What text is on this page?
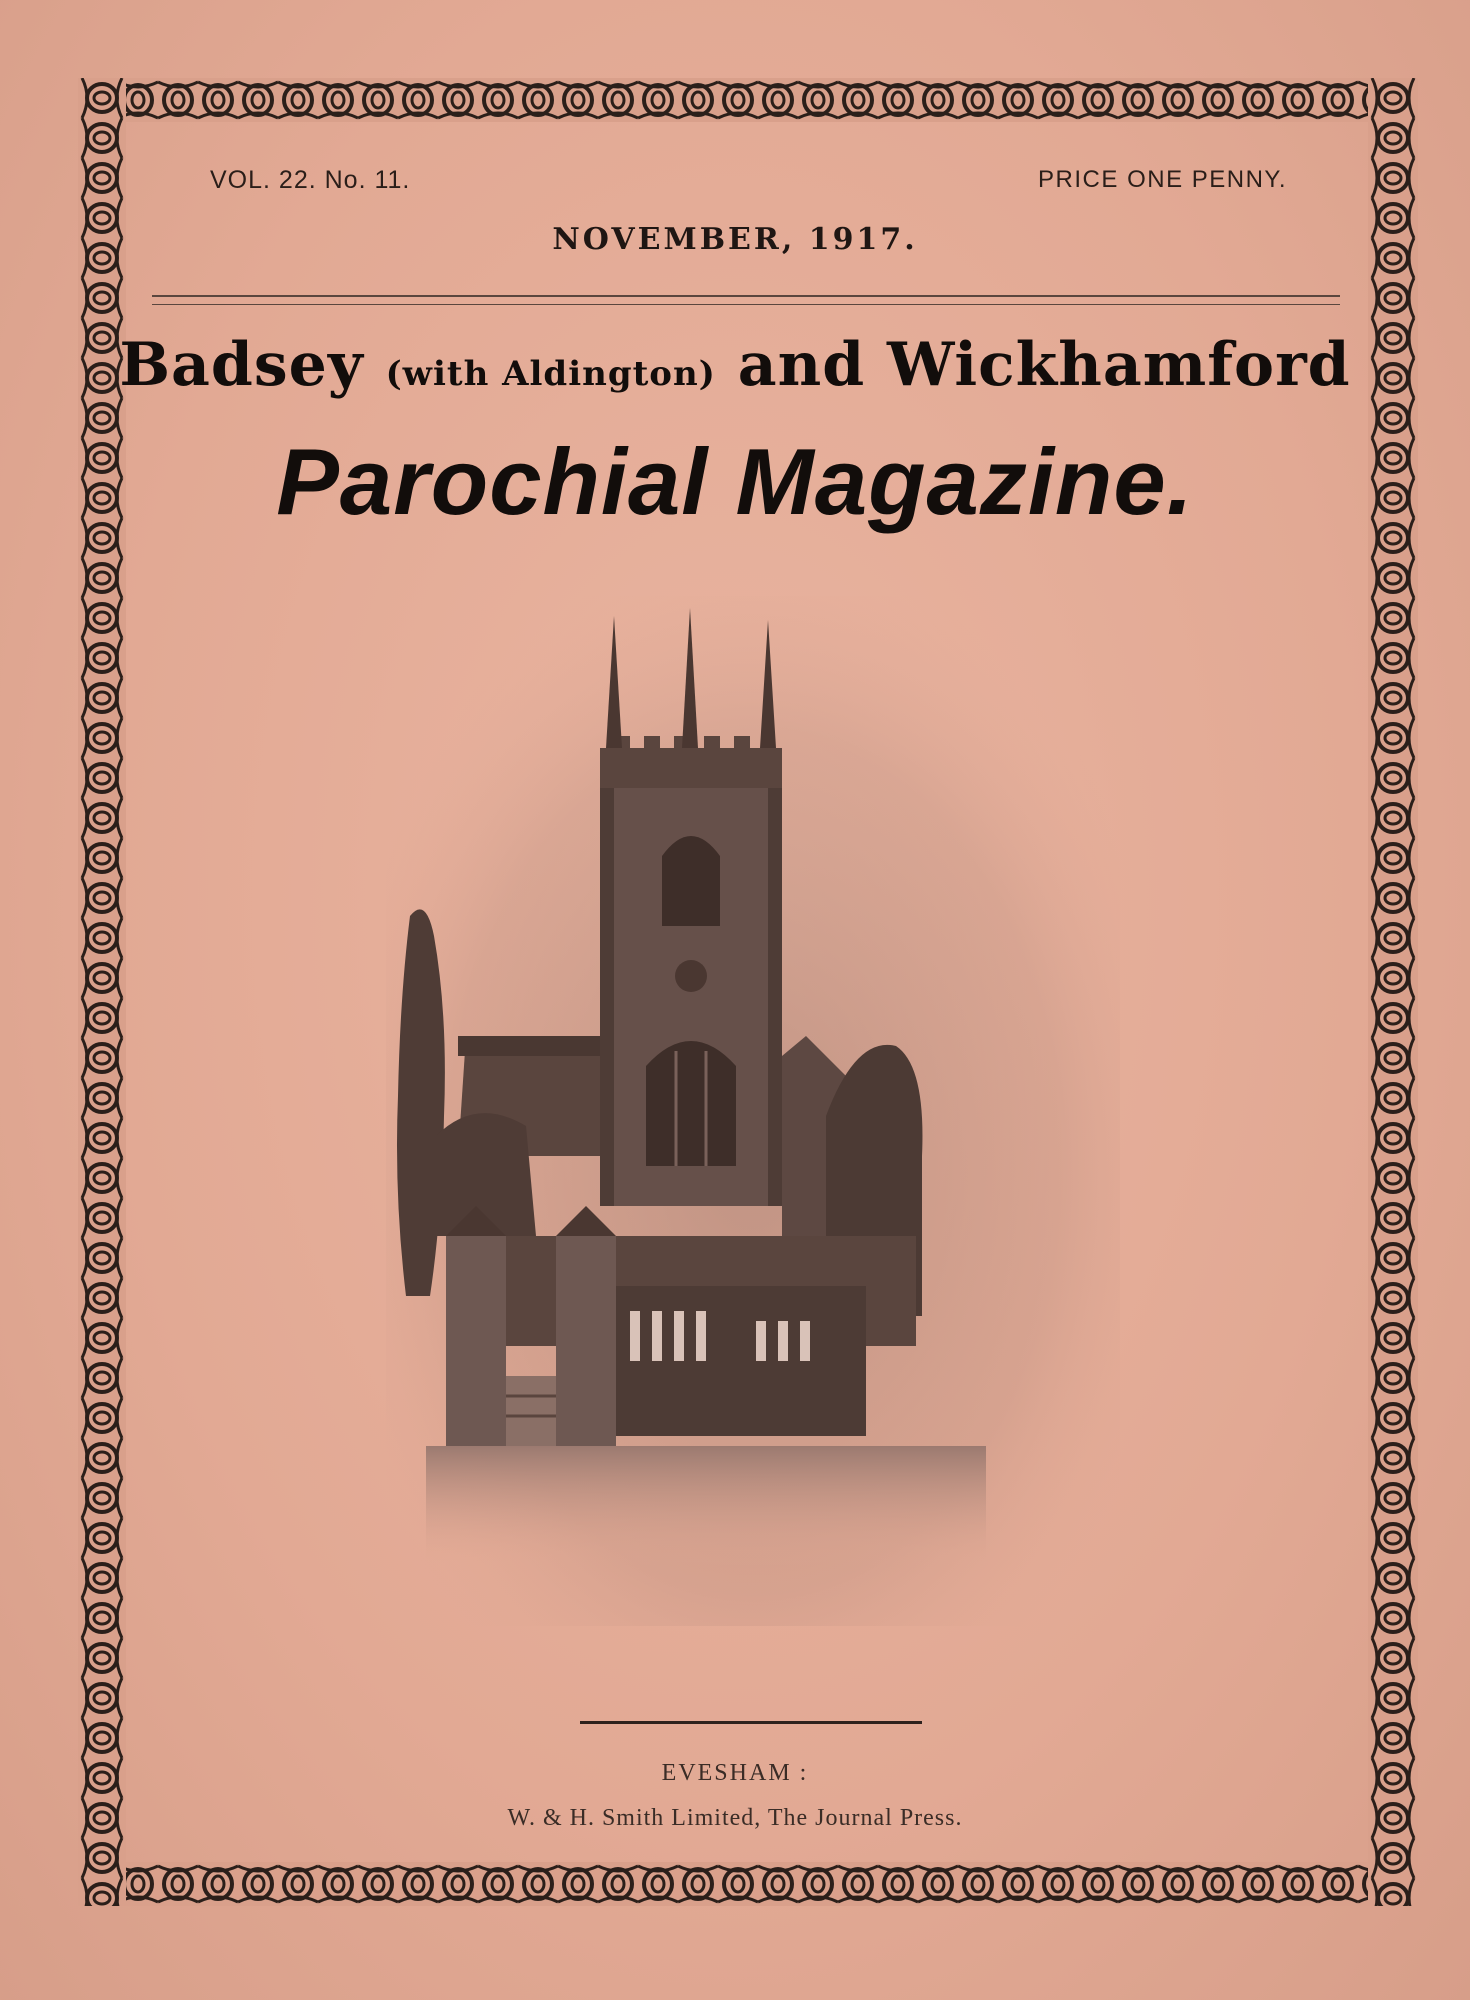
VOL. 22. No. 11.	PRICE ONE PENNY.
NOVEMBER, 1917.
Badsey (with Aldington) and Wickhamford
Parochial Magazine.
EVESHAM :
W. & H. Smith Limited, The Journal Press.
